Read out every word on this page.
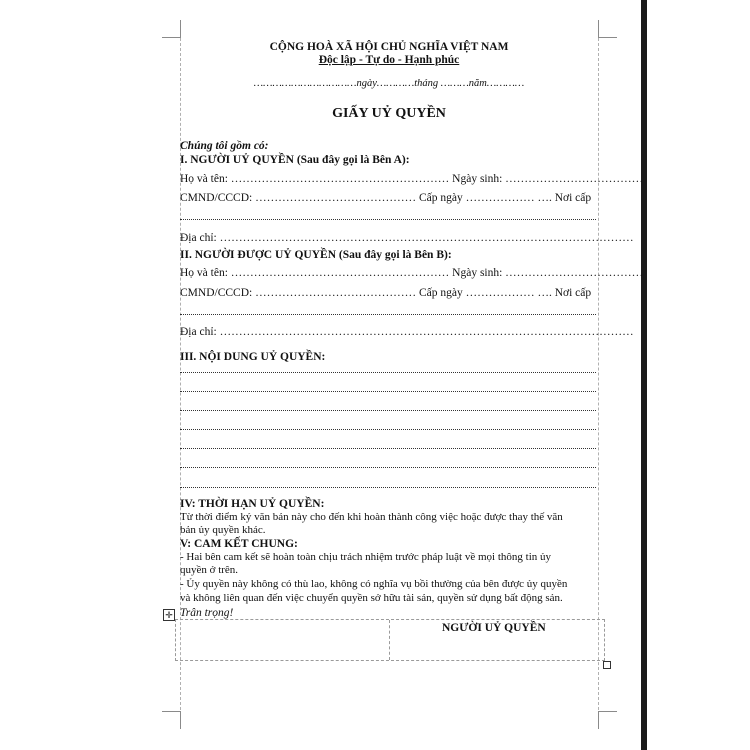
CỘNG HOÀ XÃ HỘI CHỦ NGHĨA VIỆT NAM
Độc lập - Tự do - Hạnh phúc
……………………………ngày…………tháng ………năm…………
GIẤY UỶ QUYỀN
Chúng tôi gồm có:
I. NGƯỜI UỶ QUYỀN (Sau đây gọi là Bên A):
Họ và tên: ………………………………………………… Ngày sinh: ………………………………
CMND/CCCD: …………………………………… Cấp ngày ……………… …. Nơi cấp
Địa chỉ: ………………………………………………………………………………………………
II. NGƯỜI ĐƯỢC UỶ QUYỀN (Sau đây gọi là Bên B):
Họ và tên: ………………………………………………… Ngày sinh: ………………………………
CMND/CCCD: …………………………………… Cấp ngày ……………… …. Nơi cấp
Địa chỉ: ………………………………………………………………………………………………
III. NỘI DUNG UỶ QUYỀN:
IV: THỜI HẠN UỶ QUYỀN:
Từ thời điểm ký văn bản này cho đến khi hoàn thành công việc hoặc được thay thế văn
bản ủy quyền khác.
V: CAM KẾT CHUNG:
- Hai bên cam kết sẽ hoàn toàn chịu trách nhiệm trước pháp luật về mọi thông tin ủy
quyền ở trên.
- Ủy quyền này không có thù lao, không có nghĩa vụ bồi thường của bên được ủy quyền
và không liên quan đến việc chuyển quyền sở hữu tài sản, quyền sử dụng bất động sản.
✛ Trân trọng!
NGƯỜI UỶ QUYỀN
